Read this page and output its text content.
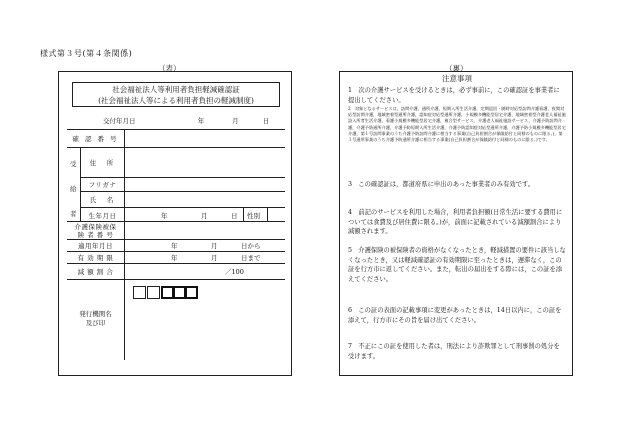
様式第３号(第４条関係)
（表）	（裏）
社会福祉法人等利用者負担軽減確認証
(社会福祉法人等による利用者負担の軽減制度)
交付年月日	年	月	日
確 認 番 号
受
給
者
住　所
フリガナ
氏　名
生年月日	年	月	日 性別
介護保険被保
険 者 番 号
適用年月日	年	月	日から
有 効 期 限	年	月	日まで
減 額 割 合	／100
発行機関名
及び印
注意事項
1　次の介護サービスを受けるときは，必ず事前に，この確認証を事業者に提出してください。
2　対象となるサービスは，訪問介護，通所介護，短期入所生活介護，定期巡回・随時対応型訪問介護看護，夜間対応型訪問介護，地域密着型通所介護，認知症対応型通所介護，小規模多機能型居宅介護，地域密着型介護老人福祉施設入所者生活介護，看護小規模多機能型居宅介護，複合型サービス，介護老人福祉施設サービス，介護予防訪問介護，介護予防通所介護，介護予防短期入所生活介護，介護予防認知症対応型通所介護，介護予防小規模多機能型居宅介護，第１号訪問事業のうち介護予防訪問介護に相当する事業(自己負担割合が保険給付と同様のものに限る。)，第１号通所事業のうち介護予防通所介護に相当する事業(自己負担割合が保険給付と同様のものに限る。)です。
3　この確認証は，都道府県に申出のあった事業者のみ有効です。
4　前記のサービスを利用した場合，利用者負担額(日常生活に要する費用については食費及び居住費に限る。)が，前面に記載されている減額割合により減額されます。
5　介護保険の被保険者の資格がなくなったとき，軽減措置の要件に該当しなくなったとき，又は軽減確認証の有効期限に至ったときは，遅滞なく，この証を行方市に返してください。また，転出の届出をする際には，この証を添えてください。
6　この証の表面の記載事項に変更があったときは，14日以内に，この証を添えて，行方市にその旨を届け出てください。
7　不正にこの証を使用した者は，刑法により詐欺罪として刑事罰の処分を受けます。
